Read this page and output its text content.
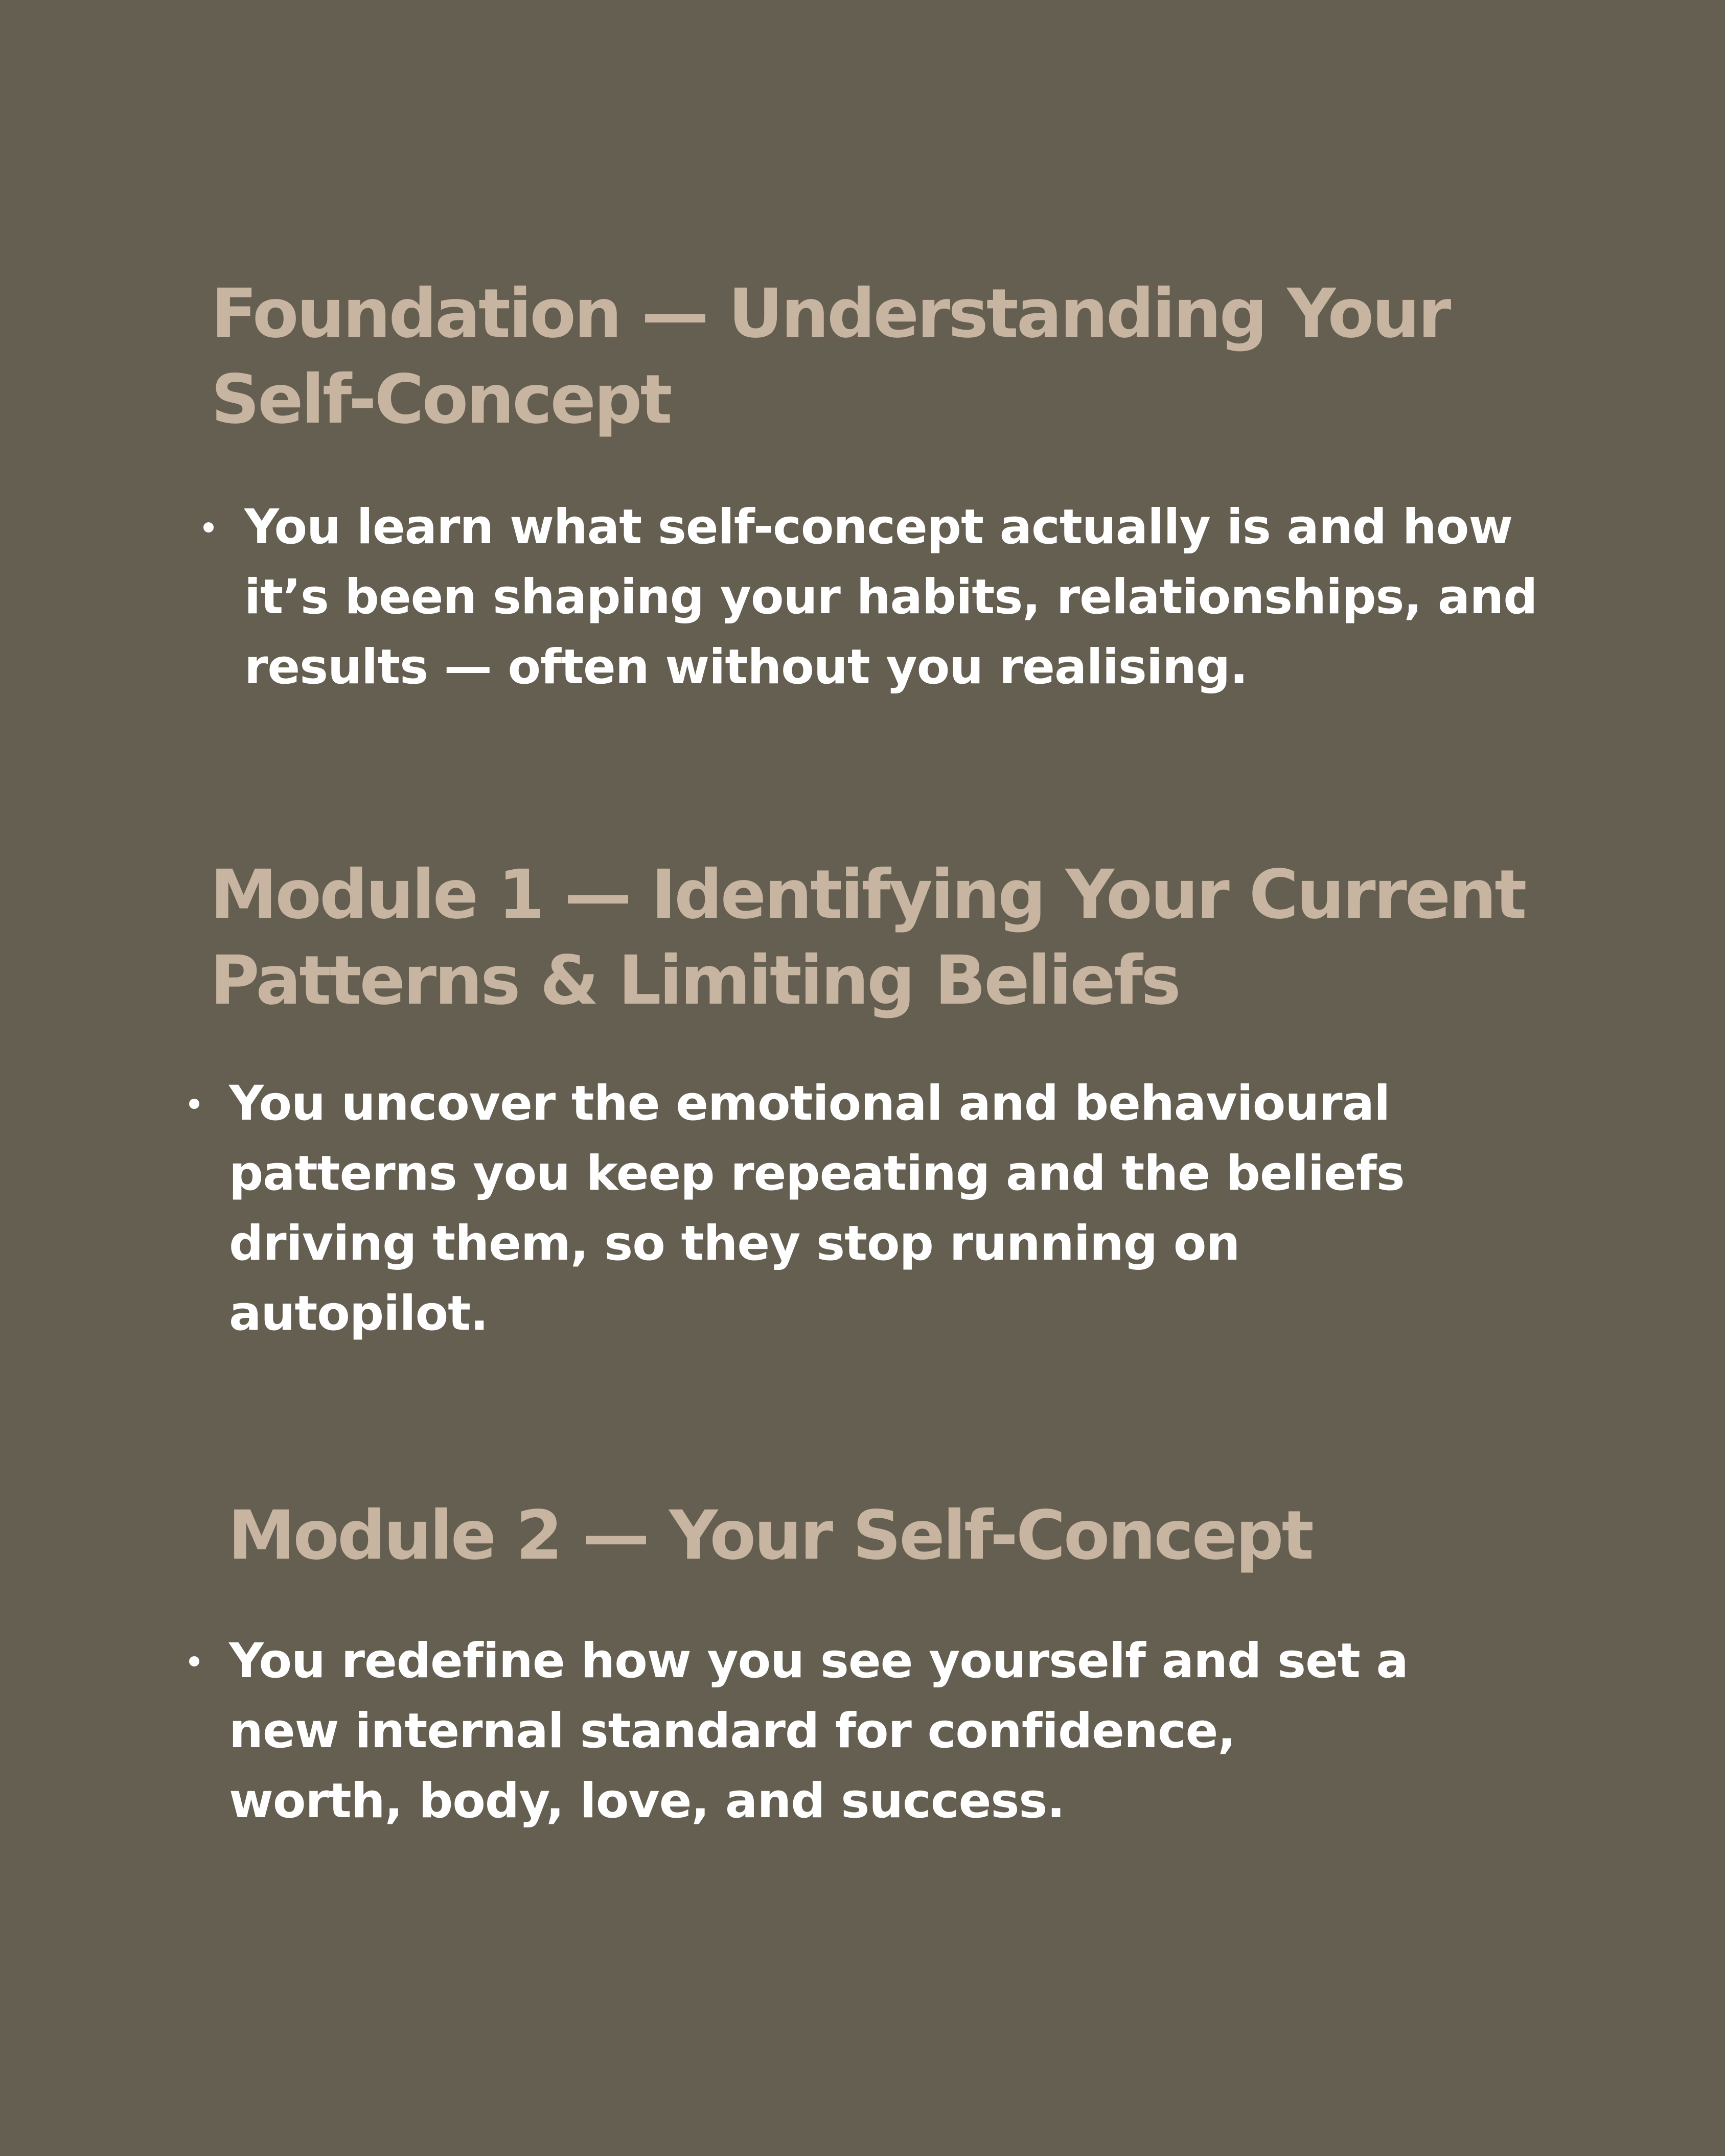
Foundation — Understanding Your
Self-Concept
You learn what self-concept actually is and how
it’s been shaping your habits, relationships, and
results — often without you realising.
Module 1 — Identifying Your Current
Patterns & Limiting Beliefs
You uncover the emotional and behavioural
patterns you keep repeating and the beliefs
driving them, so they stop running on
autopilot.
Module 2 — Your Self-Concept
You redefine how you see yourself and set a
new internal standard for confidence,
worth, body, love, and success.
